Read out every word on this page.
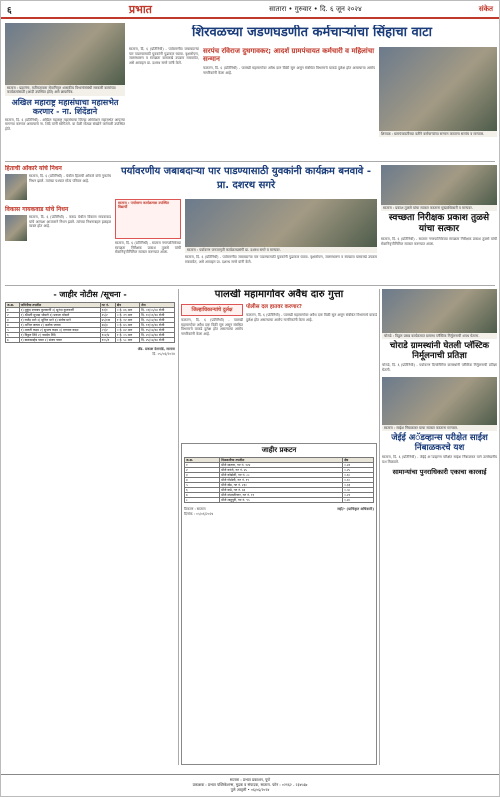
६	प्रभात	सातारा • गुरुवार • दि. ६ जून २०२४	संकेत
सातारा : प्रहारांना, मतीमतावारा सेवानिवृत्त शासकीय विभागांसंबंधी सरकारी कामांच्या कार्यक्रमांसाठी (आदी उपस्थित होते) असे छायाचित्र.
अखिल महाराष्ट्र महासंघाचा महासभेत करणार - ना. शिंदेंडाने
सातारा, दि. ६ (प्रतिनिधी) - अखिल महाराष्ट्र महासंघाचा जिल्हा अधिवेशन महासभेत आपल्या मागण्या करणार असल्याचे ना. शिंदे यांनी सांगितले. या वेळी मोठ्या संख्येने कर्मचारी उपस्थित होते.
शिरवळच्या जडणघडणीत कर्मचाऱ्यांचा सिंहाचा वाटा

सातारा, दि. ६ (प्रतिनिधी) - पर्यावरणीय जबाबदाऱ्या पार पाडण्यासाठी युवकांनी पुढाकार घ्यावा. वृक्षारोपण, जलसंधारण व स्वच्छता यासारखे उपक्रम राबवावेत, असे आवाहन प्रा. दशरथ सगरे यांनी केले.

सरपंच रविराज दुधगावकर; आदर्श ग्रामपंचायत कर्मचारी व महिलांचा सन्मान
फलटण, दि. ६ (प्रतिनिधी) - पालखी महामार्गावर अवैध दारु विक्री सुरु असून संबंधित विभागाचे याकडे दुर्लक्ष होत असल्याचा आरोप नागरिकांनी केला आहे.
शिरवळ : ग्रामपंचायतीच्या वतीने कर्मचाऱ्यांचा सन्मान करताना सरपंच व मान्यवर.
हिताची ओंकारे यांचे निधन
सातारा, दि. ६ (प्रतिनिधी) - येथील हिताची ओंकारे यांचे नुकतेच निधन झाले. त्यांच्या पश्चात मोठा परिवार आहे.
विकास गायकवाड यांचे निधन
सातारा, दि. ६ (प्रतिनिधी) - कराड येथील विकास गायकवाड यांचे अल्पशा आजाराने निधन झाले. त्यांच्या निधनाबद्दल हळहळ व्यक्त होत आहे.
पर्यावरणीय जबाबदाऱ्या पार पाडण्यासाठी युवकांनी कार्यक्रम बनवावे - प्रा. दशरथ सगरे
सातारा : पर्यावरण कार्यक्रमास उपस्थित विद्यार्थी
सातारा, दि. ६ (प्रतिनिधी) - सातारा नगरपालिकेच्या स्वच्छता निरीक्षक प्रकाश तुळसे यांची सेवानिवृत्तीनिमित्त सत्कार करण्यात आला.
सातारा : पर्यावरण जनजागृती कार्यक्रमप्रसंगी प्रा. दशरथ सगरे व मान्यवर.
सातारा, दि. ६ (प्रतिनिधी) - पर्यावरणीय जबाबदाऱ्या पार पाडण्यासाठी युवकांनी पुढाकार घ्यावा. वृक्षारोपण, जलसंधारण व स्वच्छता यासारखे उपक्रम राबवावेत, असे आवाहन प्रा. दशरथ सगरे यांनी केले.
सातारा : प्रकाश तुळसे यांचा सत्कार करताना मुख्याधिकारी व मान्यवर.
स्वच्छता निरीक्षक प्रकाश तुळसे यांचा सत्कार
सातारा, दि. ६ (प्रतिनिधी) - सातारा नगरपालिकेच्या स्वच्छता निरीक्षक प्रकाश तुळसे यांची सेवानिवृत्तीनिमित्त सत्कार करण्यात आला.
- जाहीर नोटीस /सूचना -
अ.क्र.	जमिनीचा तपशील	गट नं.	क्षेत्र	शेरा
१	१) मुकुंद दत्तात्रय कुलकर्णी २) सुनंदा कुलकर्णी	१२/१	० हे. ४६ आर	दि. ०१/०५/०४ रोजी
२	१) श्रीमती सुभद्रा भोसले २) प्रकाश भोसले	२५/२	० हे. २९ आर	दि. १०/०१/२४ रोजी
३	१) राजेंद्र माने २) सुनिल माने ३) संतोष माने	४५/१अ	१ हे. १२ आर	दि. ०५/०२/२४ रोजी
४	१) अनिल जाधव २) अशोक जाधव	६७/३	० हे. ७५ आर	दि. ११/०३/२४ रोजी
५	१) मारुती कदम २) सुभाष कदम ३) दत्तात्रय कदम	८९/२	० हे. ४२ आर	दि. १५/०४/२४ रोजी
६	१) विठ्ठल शिंदे २) नामदेव शिंदे	१०२/४	१ हे. ०५ आर	दि. २०/०४/२४ रोजी
७	१) बाळासाहेब पवार २) संजय पवार	११५/१	० हे. ५८ आर	दि. २५/०४/२४ रोजी
ॲड. प्रकाश देशपांडे, सातारा
दि. ०५/०६/२०२४
पालखी महामार्गावर अवैध दारु गुत्ता
जिल्हाधिकाऱ्यांचे दुर्लक्ष
फलटण, दि. ६ (प्रतिनिधी) - पालखी महामार्गावर अवैध दारु विक्री सुरु असून संबंधित विभागाचे याकडे दुर्लक्ष होत असल्याचा आरोप नागरिकांनी केला आहे.
पोलीस दल हातवर करणार?
फलटण, दि. ६ (प्रतिनिधी) - पालखी महामार्गावर अवैध दारु विक्री सुरु असून संबंधित विभागाचे याकडे दुर्लक्ष होत असल्याचा आरोप नागरिकांनी केला आहे.
जाहीर प्रकटन
अ.क्र.	मिळकतीचा तपशील	क्षेत्र
१	मौजे सातारा, गट नं. १२४	०.४२
२	मौजे करंजे, गट नं. ४५	०.२५
३	मौजे कोडोली, गट नं. ८८	०.६०
४	मौजे गोडोली, गट नं. १९	०.१८
५	मौजे खेड, गट नं. २३०	०.३३
६	मौजे वाढे, गट नं. ७६	०.५०
७	मौजे संभाजीनगर, गट नं. ११	०.२२
८	मौजे शाहूपुरी, गट नं. ९५	०.४०
ठिकाण : सातारा
दिनांक : ०५/०६/२०२४
सही/- (प्राधिकृत अधिकारी)
चोराडे : विठ्ठल प्रसन्न कार्यक्रमात ग्रामस्थ प्लॅस्टिक निर्मूलनाची शपथ घेताना.
चोराडे ग्रामस्थांनी घेतली प्लॅस्टिक निर्मूलनाची प्रतिज्ञा
चोराडे, दि. ६ (प्रतिनिधी) - पर्यावरण दिनानिमित्त ग्रामस्थांनी प्लॅस्टिक निर्मूलनाची प्रतिज्ञा घेतली.
सातारा : साईश निंबाळकर याचा सत्कार करताना मान्यवर.
जेईई अॅडव्हान्स परीक्षेत साईश निंबाळकरचे यश
सातारा, दि. ६ (प्रतिनिधी) - जेईई अॅडव्हान्स परीक्षेत साईश निंबाळकर याने उल्लेखनीय यश मिळवले.
सामान्यांचा पुनराधिकारी एकाचा कारवाई
सातारा : प्रभात प्रकाशन, पुणे
प्रकाशक : प्रभात पब्लिकेशन्स, मुद्रक व संपादक, सातारा. फोन : ०२१६२ - २३४५६७
पुणे आवृत्ती • ०६/०६/२०२४
